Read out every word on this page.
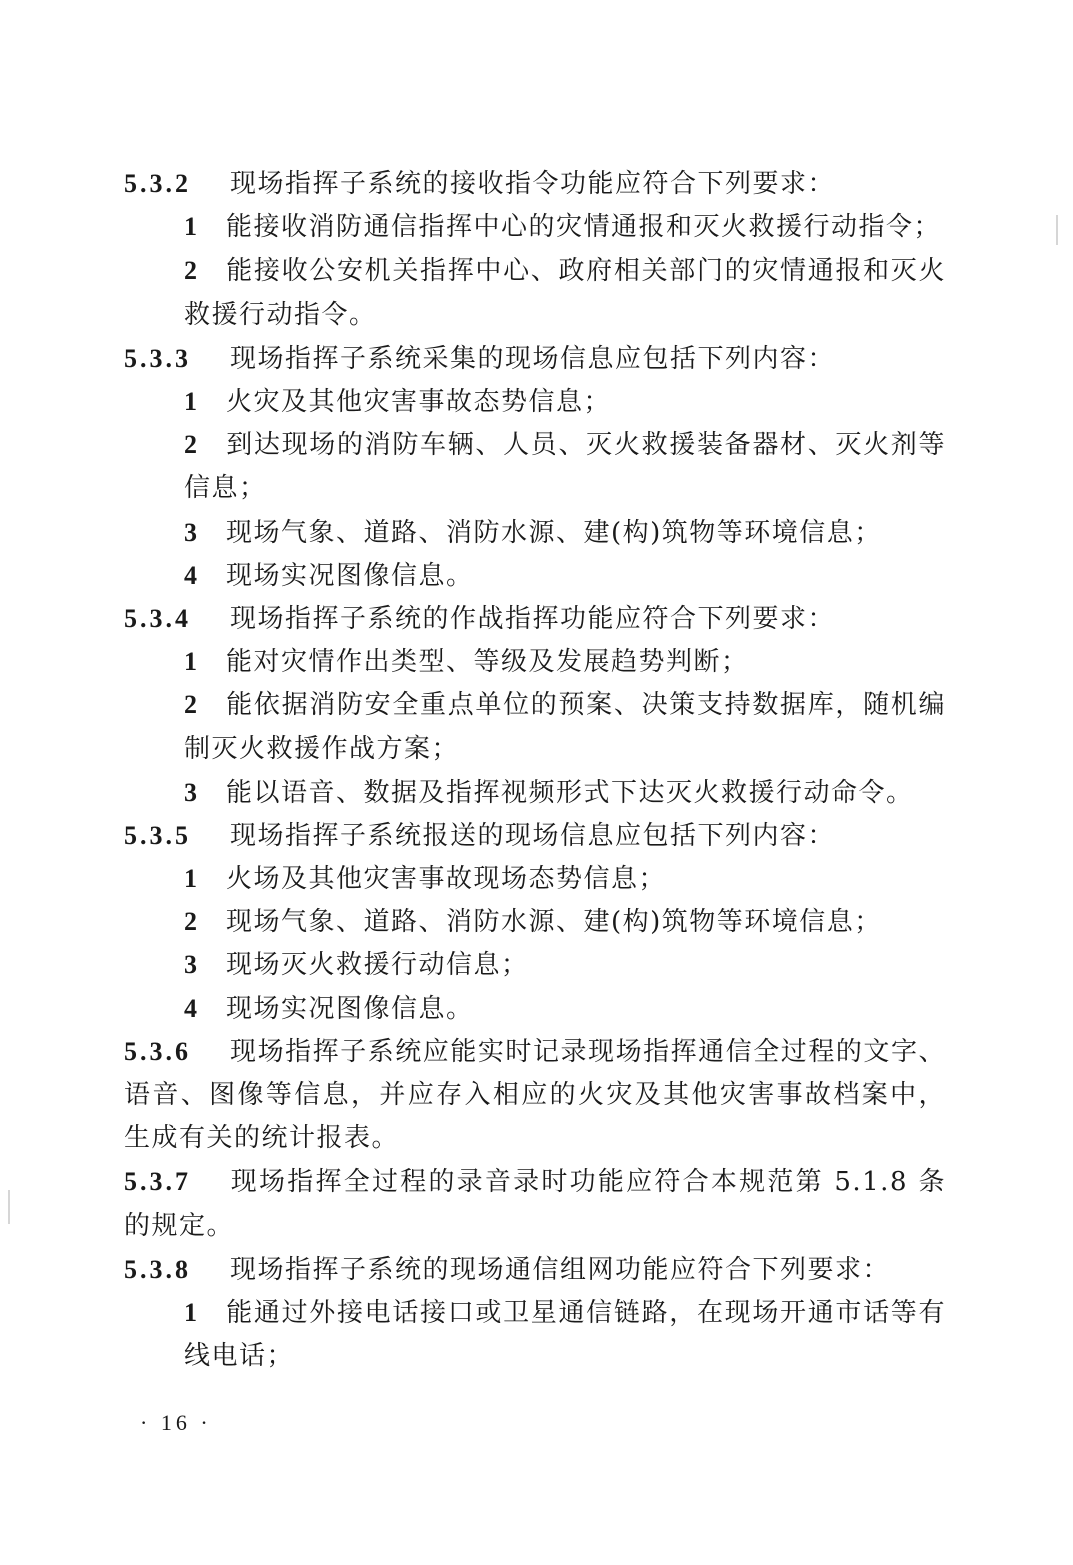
5.3.2 现场指挥子系统的接收指令功能应符合下列要求：
1 能接收消防通信指挥中心的灾情通报和灭火救援行动指令；
2 能接收公安机关指挥中心、政府相关部门的灾情通报和灭火救援行动指令。
5.3.3 现场指挥子系统采集的现场信息应包括下列内容：
1 火灾及其他灾害事故态势信息；
2 到达现场的消防车辆、人员、灭火救援装备器材、灭火剂等信息；
3 现场气象、道路、消防水源、建(构)筑物等环境信息；
4 现场实况图像信息。
5.3.4 现场指挥子系统的作战指挥功能应符合下列要求：
1 能对灾情作出类型、等级及发展趋势判断；
2 能依据消防安全重点单位的预案、决策支持数据库，随机编制灭火救援作战方案；
3 能以语音、数据及指挥视频形式下达灭火救援行动命令。
5.3.5 现场指挥子系统报送的现场信息应包括下列内容：
1 火场及其他灾害事故现场态势信息；
2 现场气象、道路、消防水源、建(构)筑物等环境信息；
3 现场灭火救援行动信息；
4 现场实况图像信息。
5.3.6 现场指挥子系统应能实时记录现场指挥通信全过程的文字、语音、图像等信息，并应存入相应的火灾及其他灾害事故档案中，生成有关的统计报表。
5.3.7 现场指挥全过程的录音录时功能应符合本规范第 5.1.8 条的规定。
5.3.8 现场指挥子系统的现场通信组网功能应符合下列要求：
1 能通过外接电话接口或卫星通信链路，在现场开通市话等有线电话；
· 16 ·
